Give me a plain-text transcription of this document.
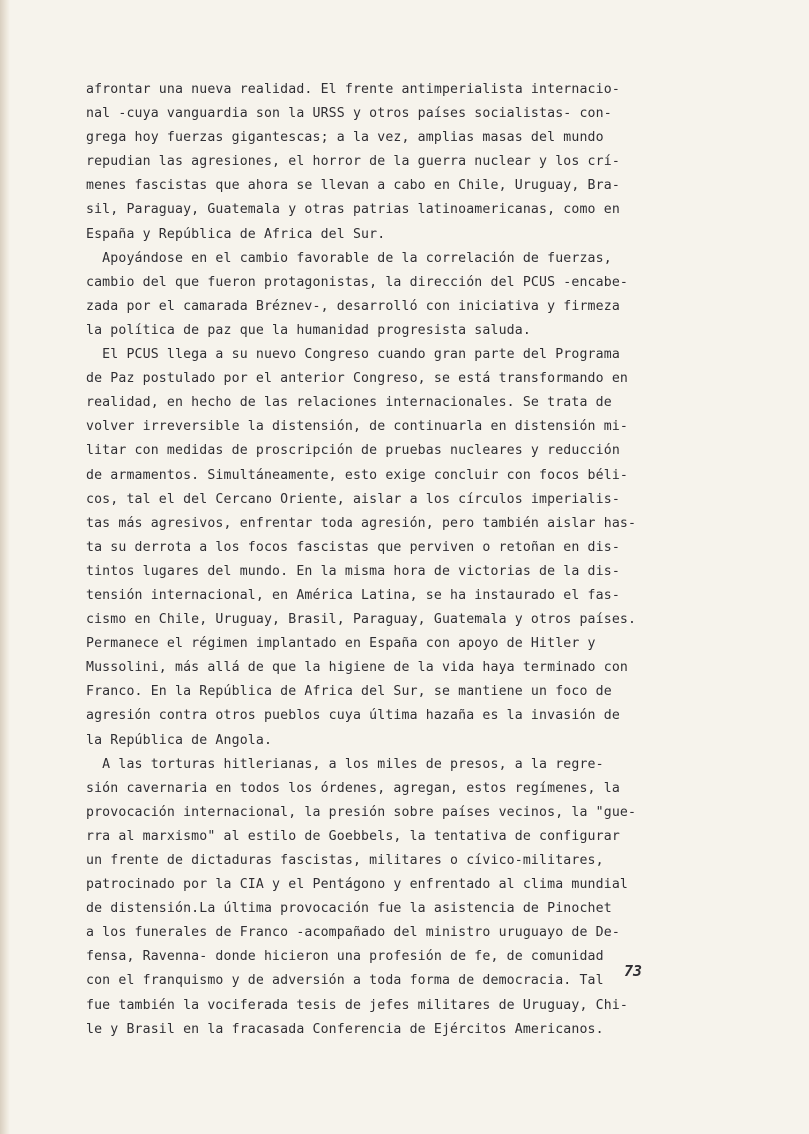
afrontar una nueva realidad. El frente antimperialista internacio-
nal -cuya vanguardia son la URSS y otros países socialistas- con-
grega hoy fuerzas gigantescas; a la vez, amplias masas del mundo
repudian las agresiones, el horror de la guerra nuclear y los crí-
menes fascistas que ahora se llevan a cabo en Chile, Uruguay, Bra-
sil, Paraguay, Guatemala y otras patrias latinoamericanas, como en
España y República de Africa del Sur.
Apoyándose en el cambio favorable de la correlación de fuerzas,
cambio del que fueron protagonistas, la dirección del PCUS -encabe-
zada por el camarada Bréznev-, desarrolló con iniciativa y firmeza
la política de paz que la humanidad progresista saluda.
El PCUS llega a su nuevo Congreso cuando gran parte del Programa
de Paz postulado por el anterior Congreso, se está transformando en
realidad, en hecho de las relaciones internacionales. Se trata de
volver irreversible la distensión, de continuarla en distensión mi-
litar con medidas de proscripción de pruebas nucleares y reducción
de armamentos. Simultáneamente, esto exige concluir con focos béli-
cos, tal el del Cercano Oriente, aislar a los círculos imperialis-
tas más agresivos, enfrentar toda agresión, pero también aislar has-
ta su derrota a los focos fascistas que perviven o retoñan en dis-
tintos lugares del mundo. En la misma hora de victorias de la dis-
tensión internacional, en América Latina, se ha instaurado el fas-
cismo en Chile, Uruguay, Brasil, Paraguay, Guatemala y otros países.
Permanece el régimen implantado en España con apoyo de Hitler y
Mussolini, más allá de que la higiene de la vida haya terminado con
Franco. En la República de Africa del Sur, se mantiene un foco de
agresión contra otros pueblos cuya última hazaña es la invasión de
la República de Angola.
A las torturas hitlerianas, a los miles de presos, a la regre-
sión cavernaria en todos los órdenes, agregan, estos regímenes, la
provocación internacional, la presión sobre países vecinos, la "gue-
rra al marxismo" al estilo de Goebbels, la tentativa de configurar
un frente de dictaduras fascistas, militares o cívico-militares,
patrocinado por la CIA y el Pentágono y enfrentado al clima mundial
de distensión.La última provocación fue la asistencia de Pinochet
a los funerales de Franco -acompañado del ministro uruguayo de De-
fensa, Ravenna- donde hicieron una profesión de fe, de comunidad
con el franquismo y de adversión a toda forma de democracia. Tal
fue también la vociferada tesis de jefes militares de Uruguay, Chi-
le y Brasil en la fracasada Conferencia de Ejércitos Americanos.
73
